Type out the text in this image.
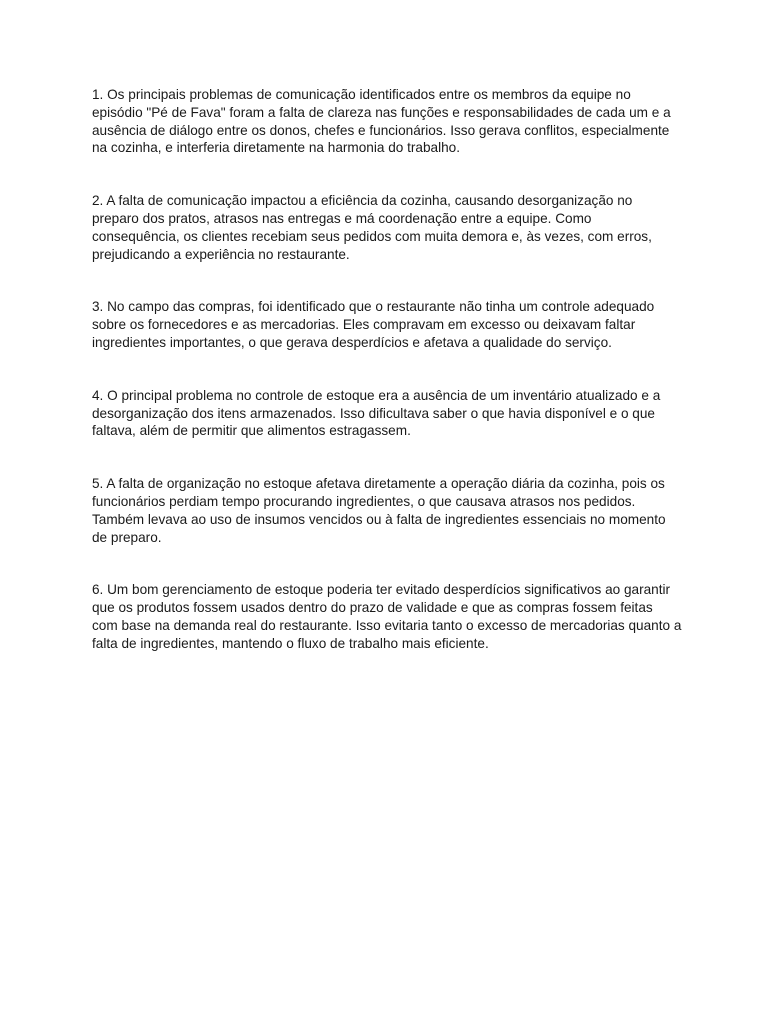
1. Os principais problemas de comunicação identificados entre os membros da equipe no episódio "Pé de Fava" foram a falta de clareza nas funções e responsabilidades de cada um e a ausência de diálogo entre os donos, chefes e funcionários. Isso gerava conflitos, especialmente na cozinha, e interferia diretamente na harmonia do trabalho.

2. A falta de comunicação impactou a eficiência da cozinha, causando desorganização no preparo dos pratos, atrasos nas entregas e má coordenação entre a equipe. Como consequência, os clientes recebiam seus pedidos com muita demora e, às vezes, com erros, prejudicando a experiência no restaurante.

3. No campo das compras, foi identificado que o restaurante não tinha um controle adequado sobre os fornecedores e as mercadorias. Eles compravam em excesso ou deixavam faltar ingredientes importantes, o que gerava desperdícios e afetava a qualidade do serviço.

4. O principal problema no controle de estoque era a ausência de um inventário atualizado e a desorganização dos itens armazenados. Isso dificultava saber o que havia disponível e o que faltava, além de permitir que alimentos estragassem.

5. A falta de organização no estoque afetava diretamente a operação diária da cozinha, pois os funcionários perdiam tempo procurando ingredientes, o que causava atrasos nos pedidos. Também levava ao uso de insumos vencidos ou à falta de ingredientes essenciais no momento de preparo.

6. Um bom gerenciamento de estoque poderia ter evitado desperdícios significativos ao garantir que os produtos fossem usados dentro do prazo de validade e que as compras fossem feitas com base na demanda real do restaurante. Isso evitaria tanto o excesso de mercadorias quanto a falta de ingredientes, mantendo o fluxo de trabalho mais eficiente.
